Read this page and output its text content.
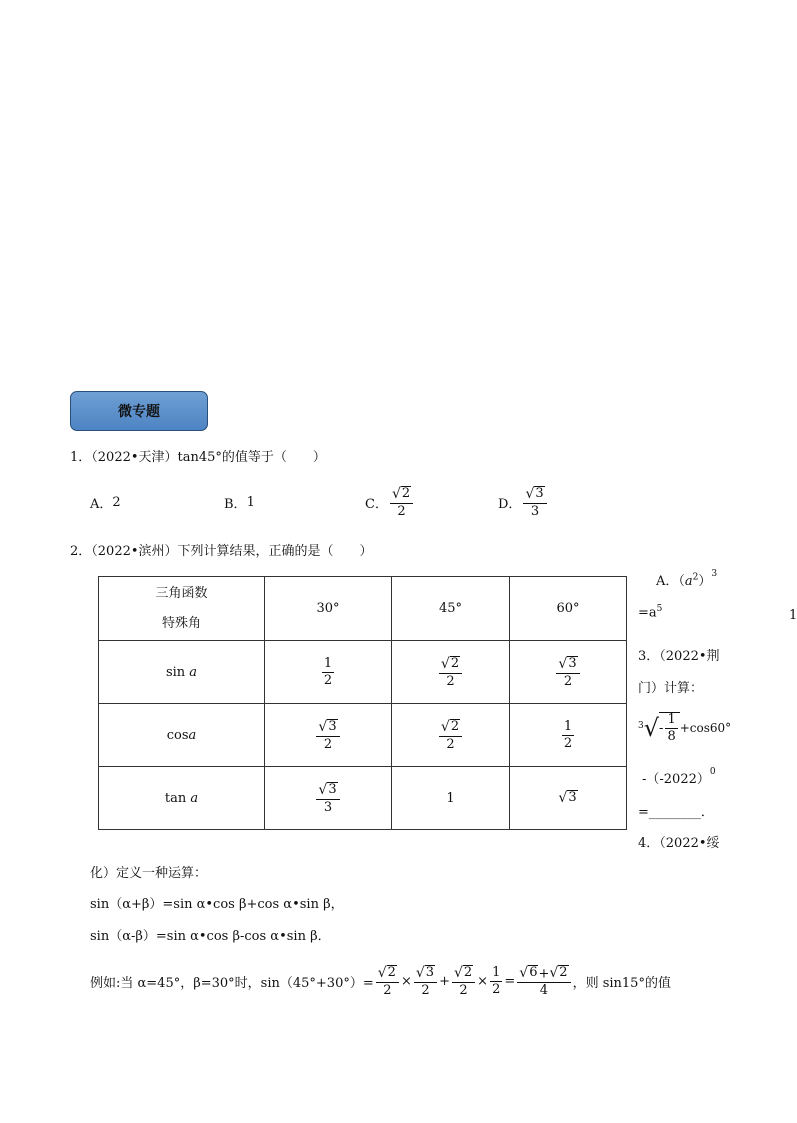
微专题
1．（2022•天津）tan45°的值等于（　　）
A． 2	B． 1	C． $\frac{√ 2}{2}$	D． $\frac{√ 3}{3}$
2．（2022•滨州）下列计算结果，正确的是（　　）
三角函数
特殊角	30°	45°	60°
sin a	$\frac{1}{2}$	$\frac{√ 2}{2}$	$\frac{√ 3}{2}$

cosa	$\frac{√ 3}{2}$	$\frac{√ 2}{2}$	$\frac{1}{2}$

tan a	$\frac{√ 3}{3}$	1	√ 3
A．$(a^2)^3$
$=a^5$	1
3．（2022•荆
门）计算：
3 √ - $\frac{1}{8} +\cos 60^\circ$
$-(-2022)^0$
=________．
4．（2022•绥
化）定义一种运算：
sin（α+β）=sin α•cos β+cos α•sin β，
sin（α-β）=sin α•cos β-cos α•sin β．
例如:当 α=45°，β=30°时，$\sin(45^\circ+30^\circ)= \frac{√ 2}{2} \times \frac{√ 3}{2} + \frac{√ 2}{2} \times \frac{1}{2} = \frac{√ 6 + √ 2}{4}$ ，则 sin15°的值
